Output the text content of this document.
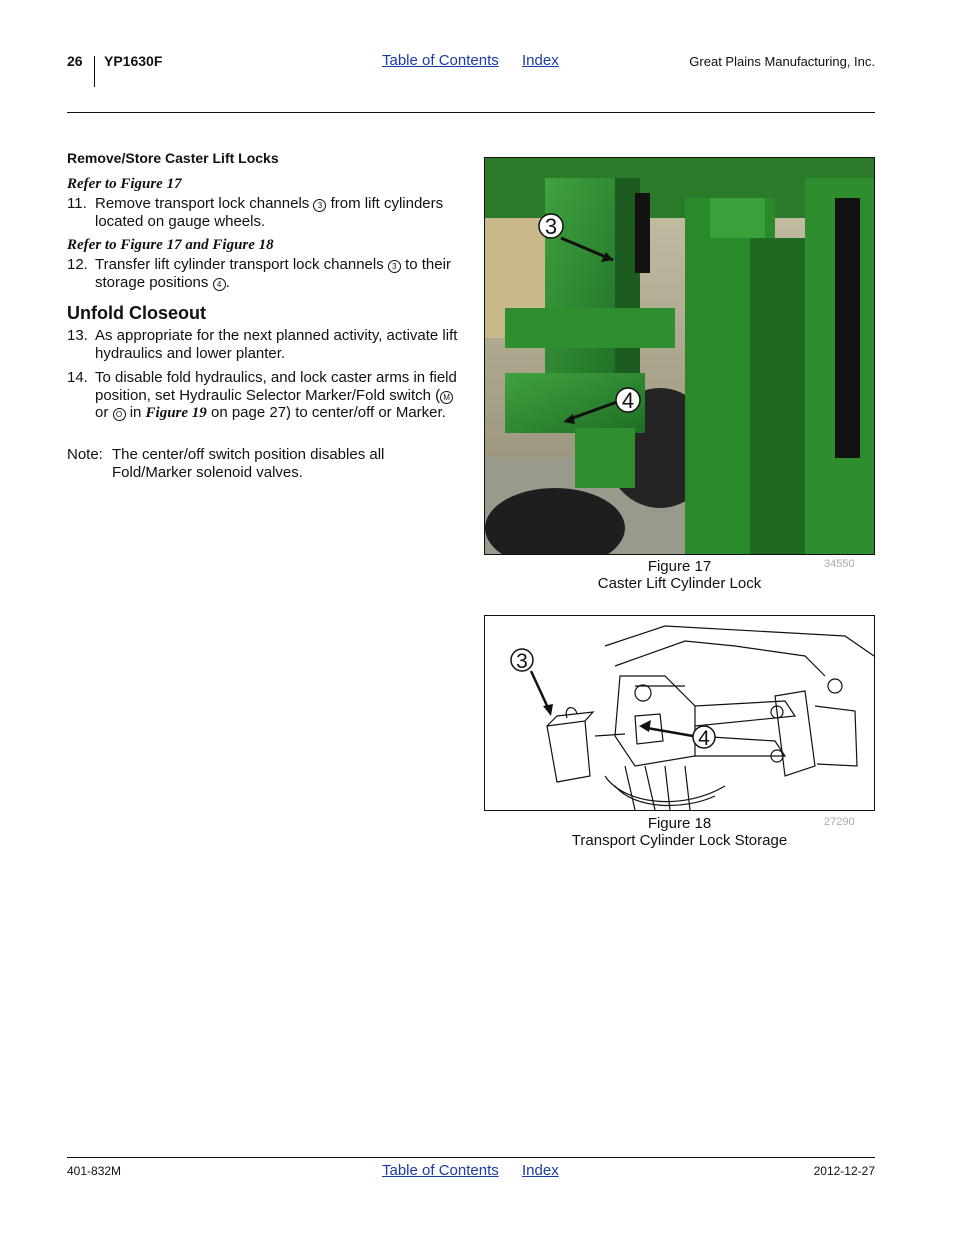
26 YP1630F	Table of Contents Index	Great Plains Manufacturing, Inc.
Remove/Store Caster Lift Locks
Refer to Figure 17
11. Remove transport lock channels 3 from lift cylinders located on gauge wheels.
Refer to Figure 17 and Figure 18
12. Transfer lift cylinder transport lock channels 3 to their storage positions 4 .
Unfold Closeout
13. As appropriate for the next planned activity, activate lift hydraulics and lower planter.
14. To disable fold hydraulics, and lock caster arms in field position, set Hydraulic Selector Marker/Fold switch ( M or O in Figure 19 on page 27) to center/off or Marker.
Note: The center/off switch position disables all Fold/Marker solenoid valves.
3
4
Figure 17
Caster Lift Cylinder Lock
34550
3
4
Figure 18
Transport Cylinder Lock Storage
27290
401-832M	Table of Contents Index	2012-12-27
